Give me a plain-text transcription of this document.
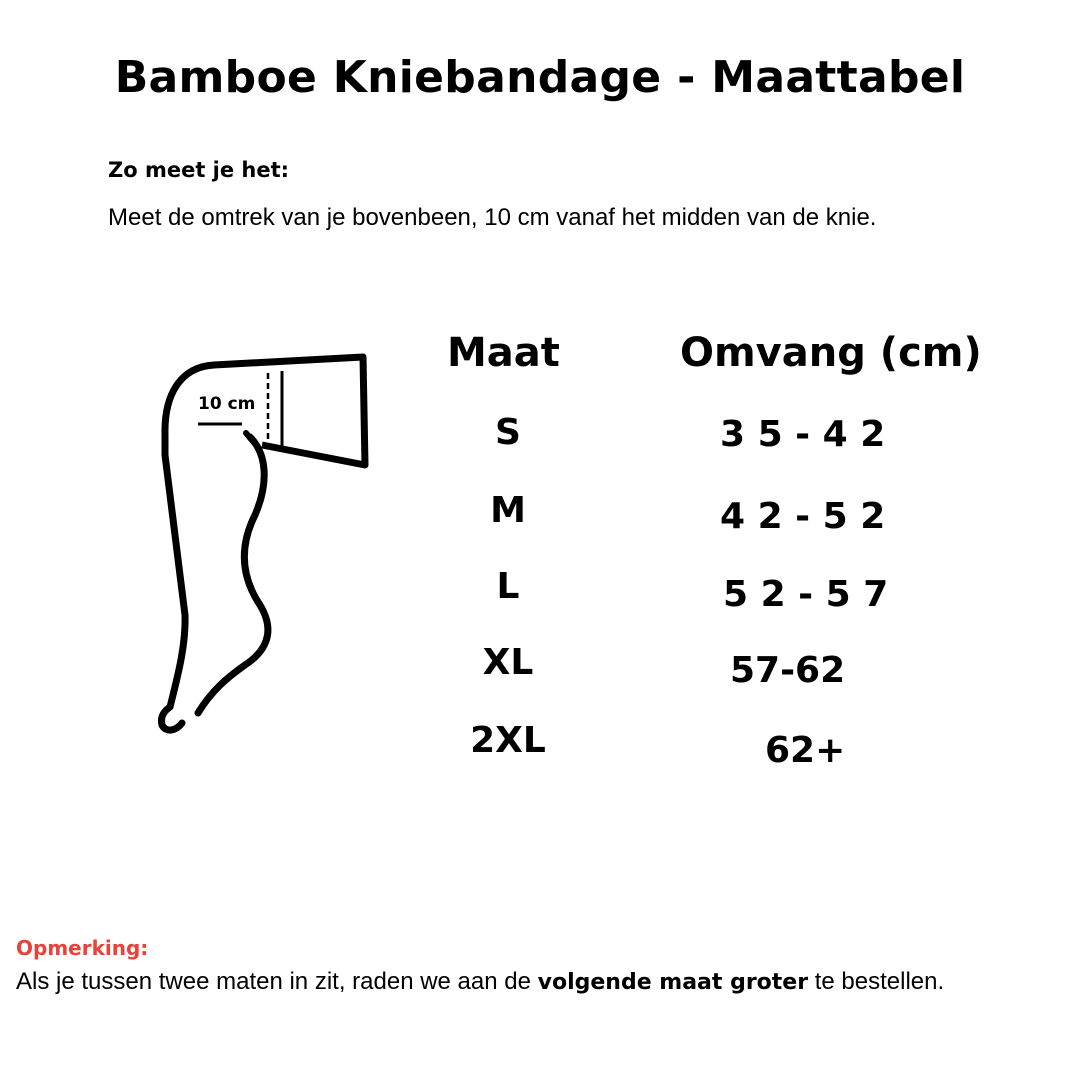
Bamboe Kniebandage - Maattabel
Zo meet je het:
Meet de omtrek van je bovenbeen, 10 cm vanaf het midden van de knie.
10 cm
Maat	Omvang (cm)
S	3 5 - 4 2
M	4 2 - 5 2
L	5 2 - 5 7
XL	57-62
2XL	62+
Opmerking:
Als je tussen twee maten in zit, raden we aan de volgende maat groter te bestellen.
